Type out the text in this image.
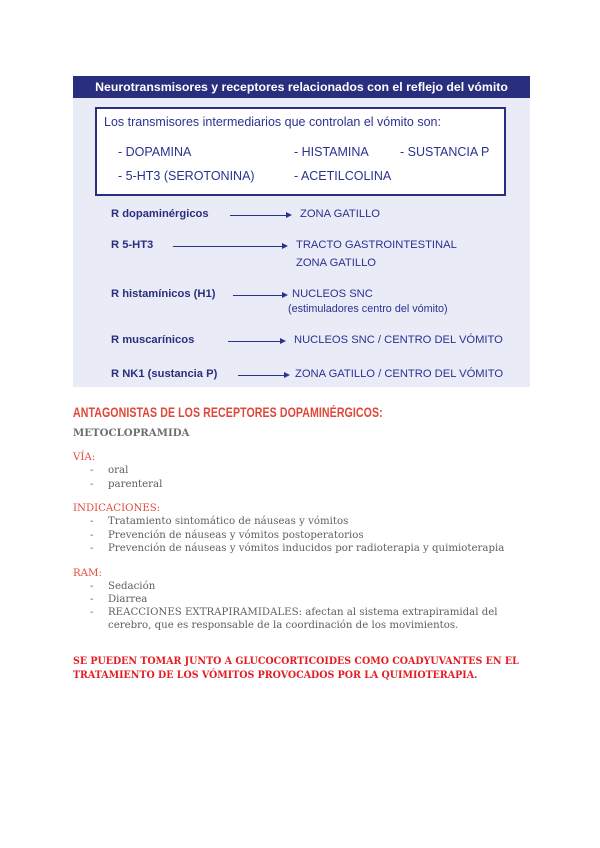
Neurotransmisores y receptores relacionados con el reflejo del vómito
Los transmisores intermediarios que controlan el vómito son:
- DOPAMINA	- HISTAMINA - SUSTANCIA P
- 5-HT3 (SEROTONINA)	- ACETILCOLINA
R dopaminérgicos	ZONA GATILLO
R 5-HT3	TRACTO GASTROINTESTINAL
ZONA GATILLO
R histamínicos (H1)	NUCLEOS SNC
(estimuladores centro del vómito)
R muscarínicos	NUCLEOS SNC / CENTRO DEL VÓMITO
R NK1 (sustancia P)	ZONA GATILLO / CENTRO DEL VÓMITO
ANTAGONISTAS DE LOS RECEPTORES DOPAMINÉRGICOS:
METOCLOPRAMIDA
VÍA:
- oral
- parenteral
INDICACIONES:
- Tratamiento sintomático de náuseas y vómitos
- Prevención de náuseas y vómitos postoperatorios
- Prevención de náuseas y vómitos inducidos por radioterapia y quimioterapia
RAM:
- Sedación
- Diarrea
- REACCIONES EXTRAPIRAMIDALES: afectan al sistema extrapiramidal del
cerebro, que es responsable de la coordinación de los movimientos.
SE PUEDEN TOMAR JUNTO A GLUCOCORTICOIDES COMO COADYUVANTES EN EL
TRATAMIENTO DE LOS VÓMITOS PROVOCADOS POR LA QUIMIOTERAPIA.
